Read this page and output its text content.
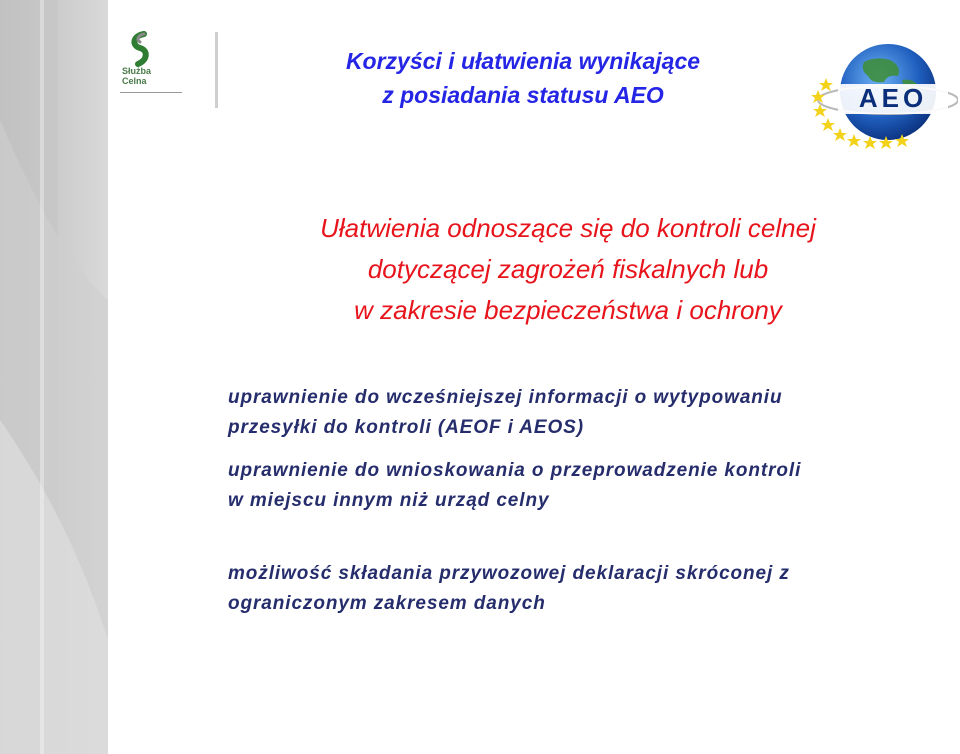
Służba
Celna
Korzyści i ułatwienia wynikające
z posiadania statusu AEO	AEO
Ułatwienia odnoszące się do kontroli celnej
dotyczącej zagrożeń fiskalnych lub
w zakresie bezpieczeństwa i ochrony
uprawnienie do wcześniejszej informacji o wytypowaniu
przesyłki do kontroli (AEOF i AEOS)
uprawnienie do wnioskowania o przeprowadzenie kontroli
w miejscu innym niż urząd celny
możliwość składania przywozowej deklaracji skróconej z
ograniczonym zakresem danych
